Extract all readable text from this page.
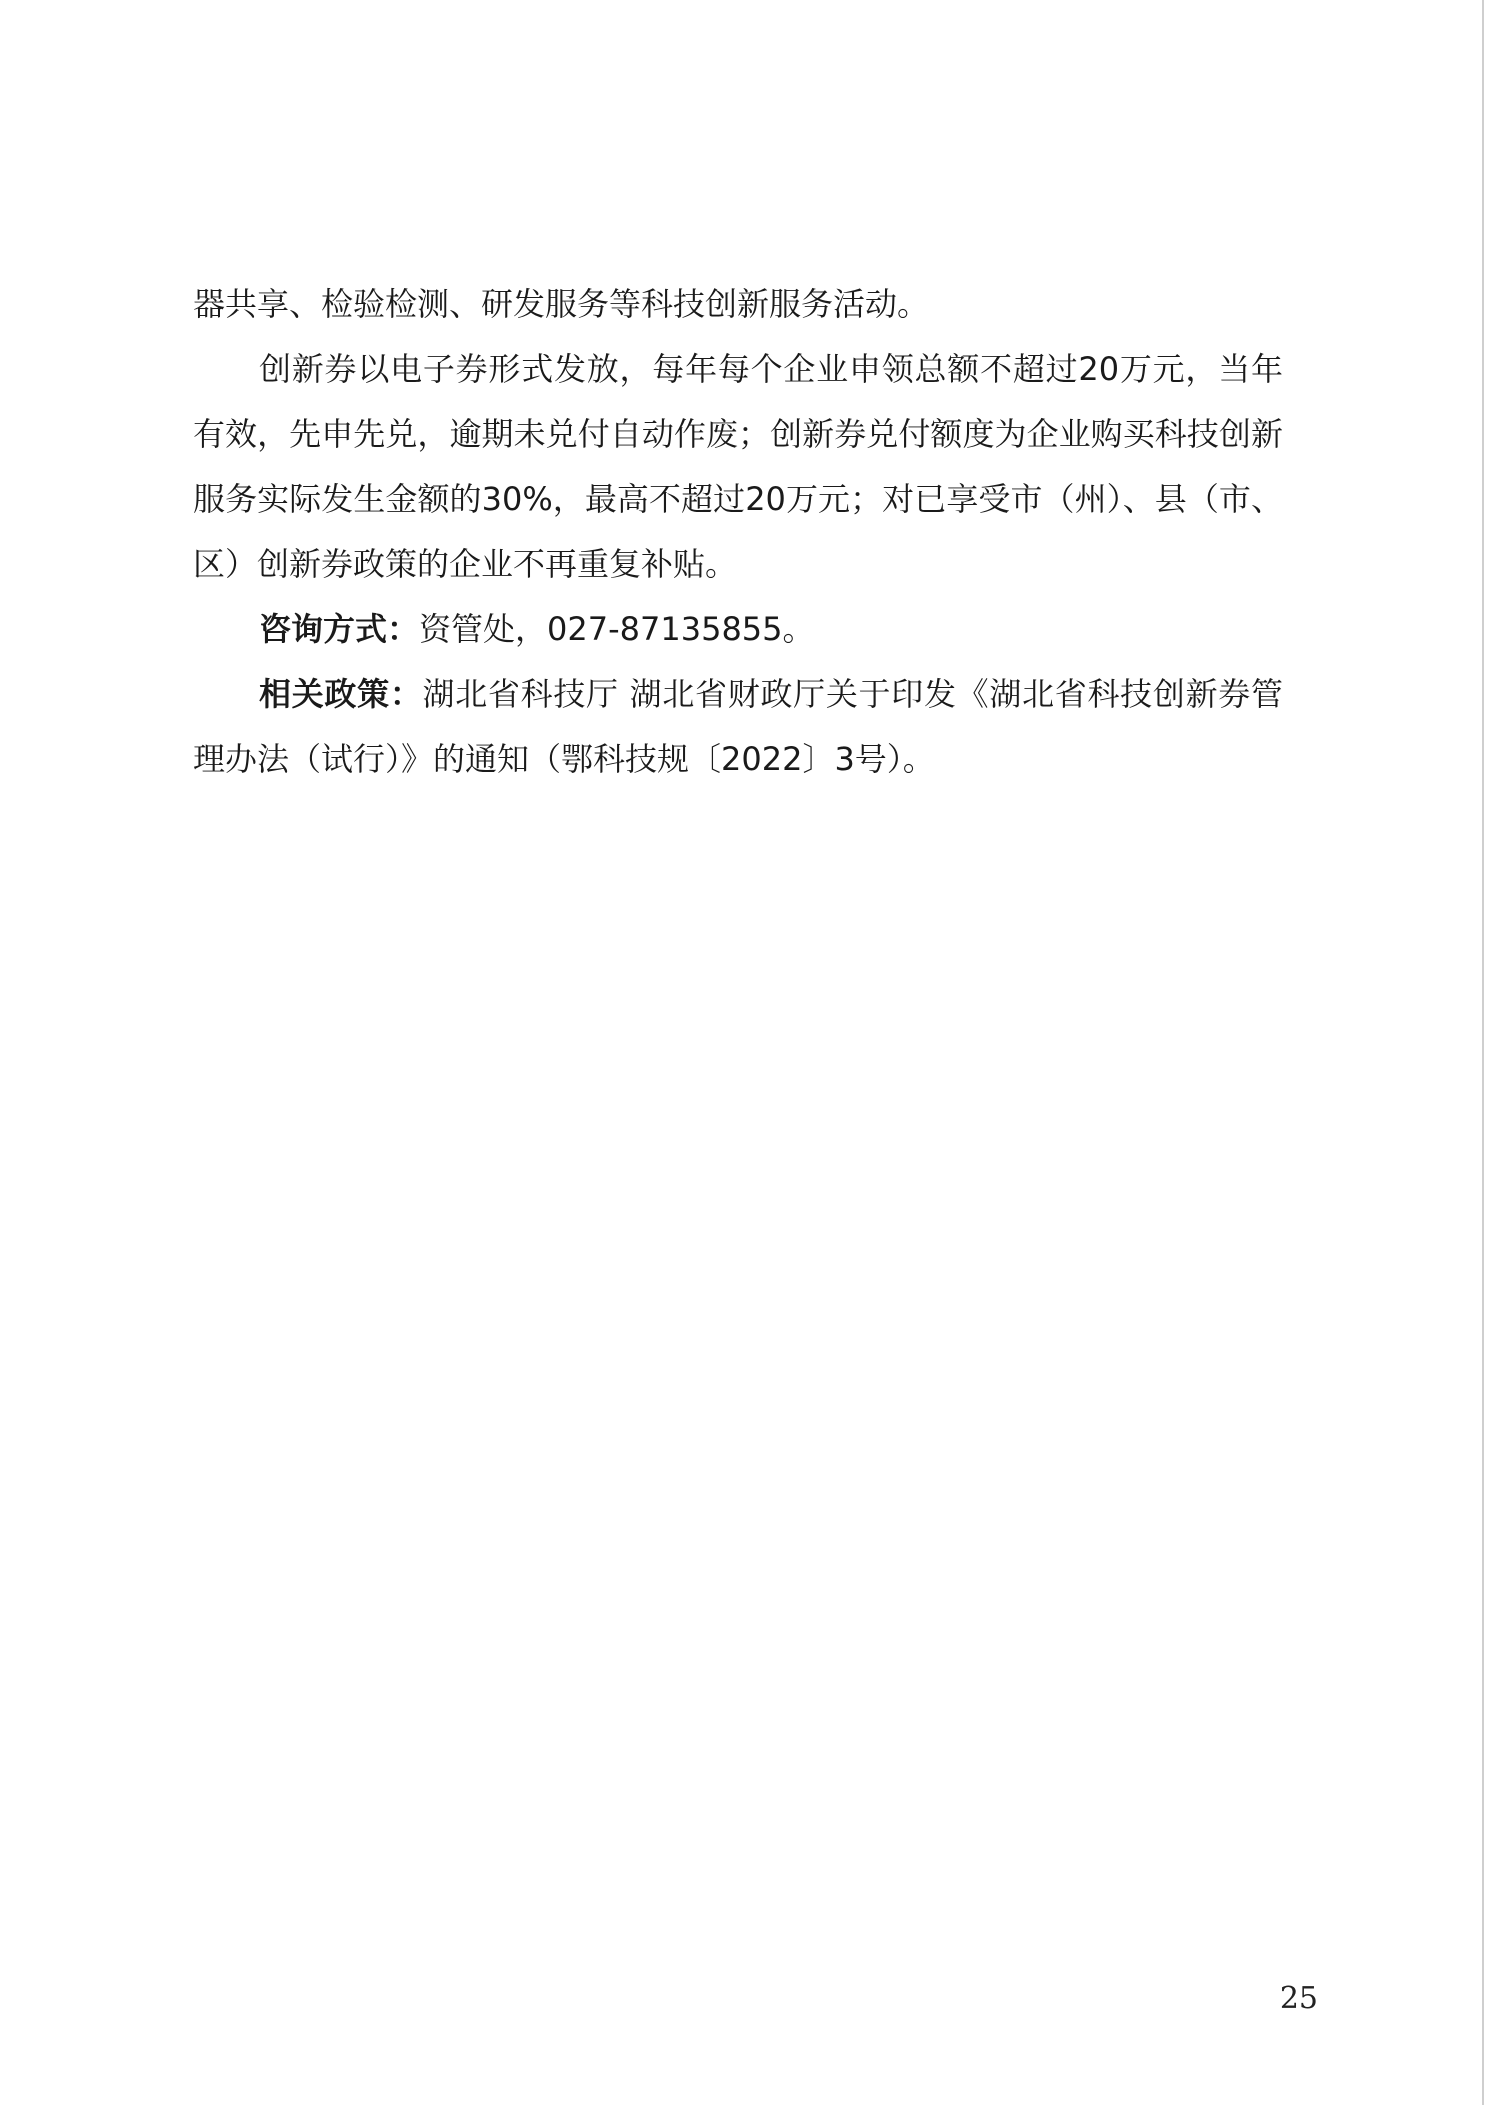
器共享、检验检测、研发服务等科技创新服务活动。

创新券以电子券形式发放，每年每个企业申领总额不超过20万元，当年有效，先申先兑，逾期未兑付自动作废；创新券兑付额度为企业购买科技创新服务实际发生金额的30%，最高不超过20万元；对已享受市（州）、县（市、区）创新券政策的企业不再重复补贴。

咨询方式：资管处，027-87135855。

相关政策：湖北省科技厅 湖北省财政厅关于印发《湖北省科技创新券管理办法（试行）》的通知（鄂科技规〔2022〕3号）。

25
